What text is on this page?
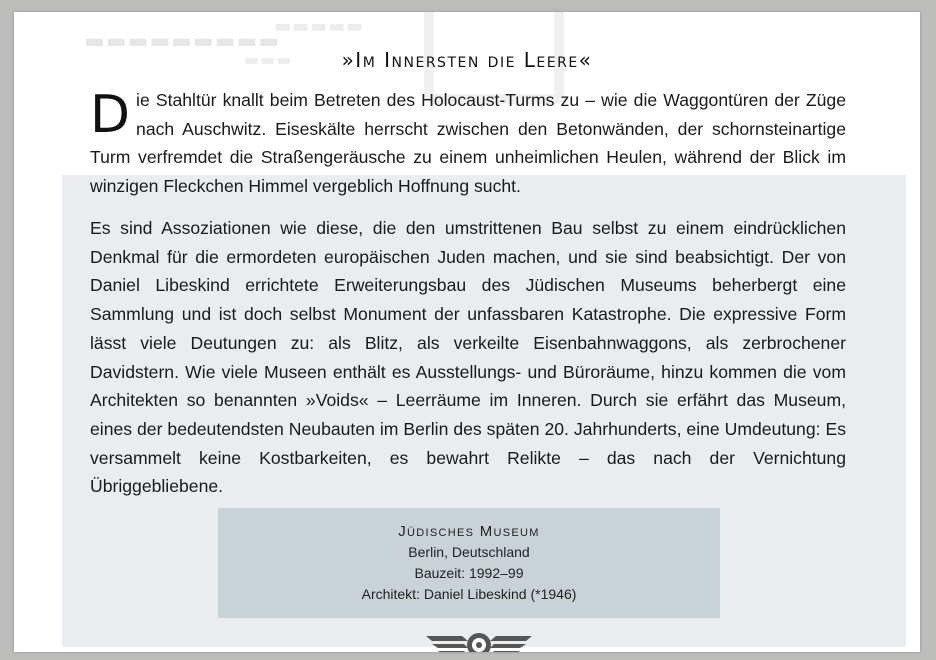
▬▬▬▬▬▬▬▬▬
▬▬▬▬▬
▬▬▬	»Im Innersten die Leere«

Die Stahltür knallt beim Betreten des Holocaust-Turms zu – wie die Waggontüren der Züge nach Auschwitz. Eiseskälte herrscht zwischen den Betonwänden, der schornsteinartige Turm verfremdet die Straßengeräusche zu einem unheimlichen Heulen, während der Blick im winzigen Fleckchen Himmel vergeblich Hoffnung sucht.

Es sind Assoziationen wie diese, die den umstrittenen Bau selbst zu einem eindrücklichen Denkmal für die ermordeten europäischen Juden machen, und sie sind beabsichtigt. Der von Daniel Libeskind errichtete Erweiterungsbau des Jüdischen Museums beherbergt eine Sammlung und ist doch selbst Monument der unfassbaren Katastrophe. Die expressive Form lässt viele Deutungen zu: als Blitz, als verkeilte Eisenbahnwaggons, als zerbrochener Davidstern. Wie viele Museen enthält es Ausstellungs- und Büroräume, hinzu kommen die vom Architekten so benannten »Voids« – Leerräume im Inneren. Durch sie erfährt das Museum, eines der bedeutendsten Neubauten im Berlin des späten 20. Jahrhunderts, eine Umdeutung: Es versammelt keine Kostbarkeiten, es bewahrt Relikte – das nach der Vernichtung Übriggebliebene.

Jüdisches Museum
Berlin, Deutschland
Bauzeit: 1992–99
Architekt: Daniel Libeskind (*1946)
